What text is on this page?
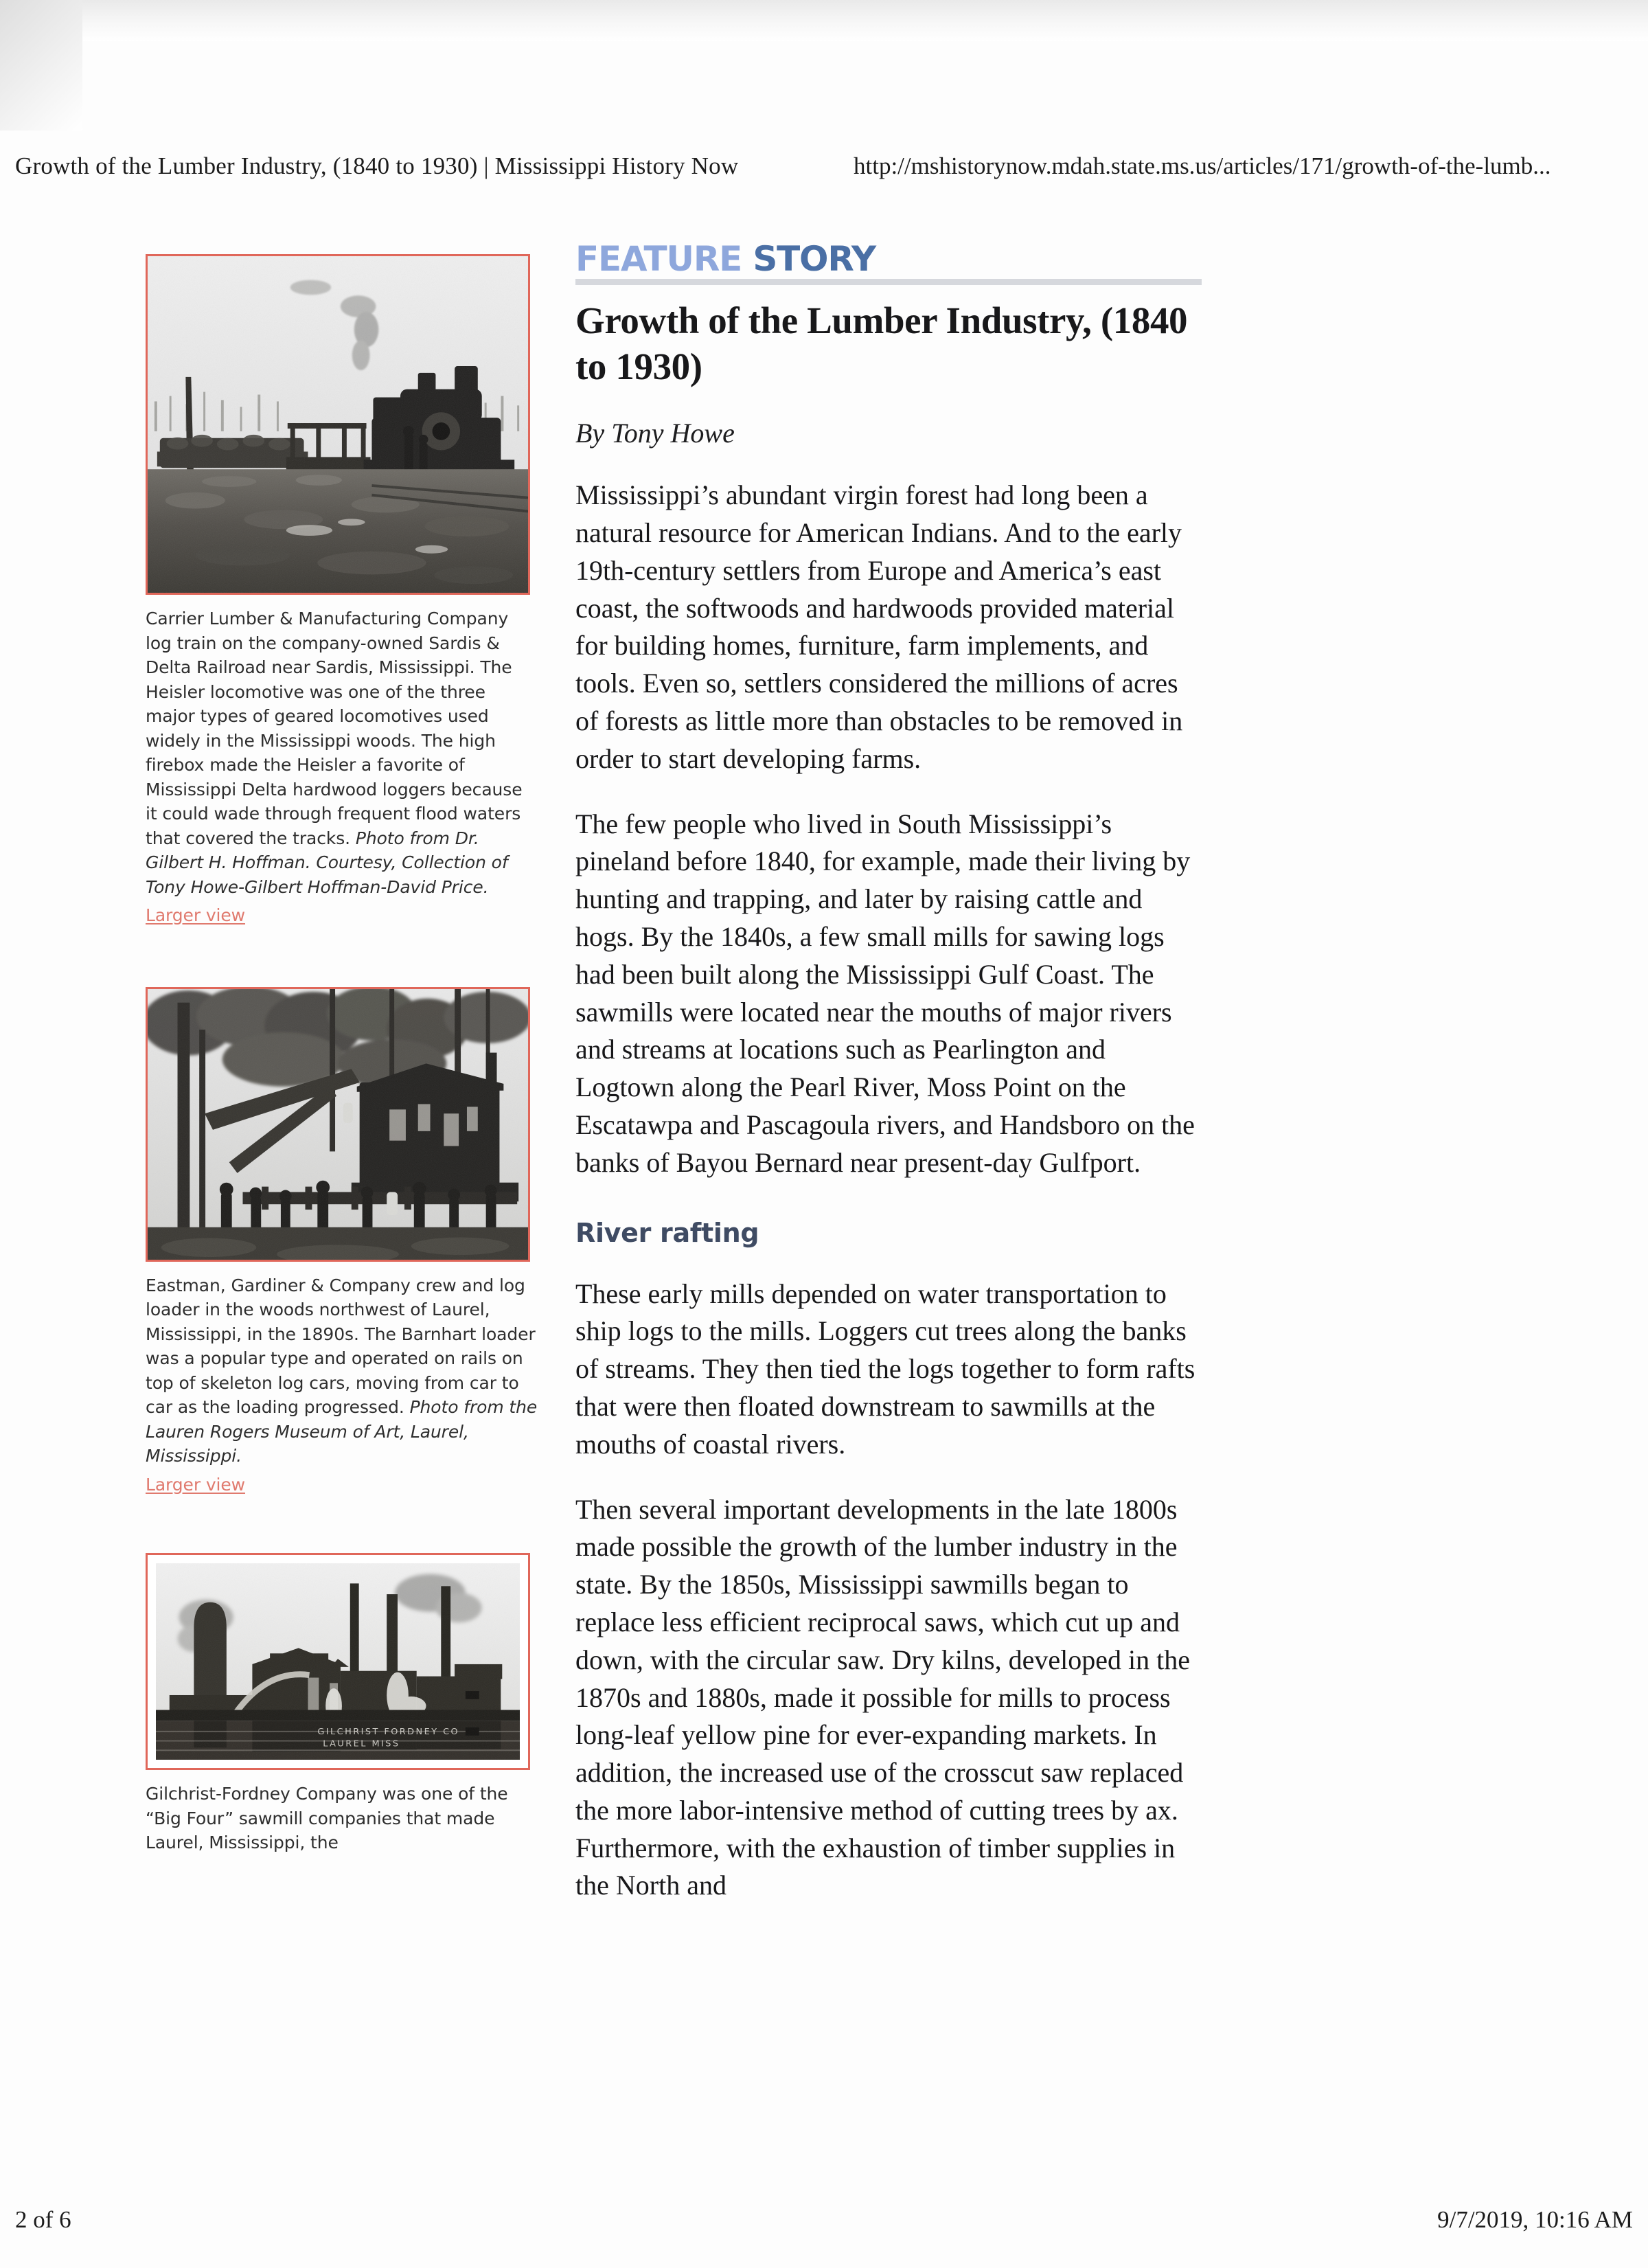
Growth of the Lumber Industry, (1840 to 1930) | Mississippi History Now	http://mshistorynow.mdah.state.ms.us/articles/171/growth-of-the-lumb...
Carrier Lumber & Manufacturing Company log train on the company-owned Sardis & Delta Railroad near Sardis, Mississippi. The Heisler locomotive was one of the three major types of geared locomotives used widely in the Mississippi woods. The high firebox made the Heisler a favorite of Mississippi Delta hardwood loggers because it could wade through frequent flood waters that covered the tracks. Photo from Dr. Gilbert H. Hoffman. Courtesy, Collection of Tony Howe-Gilbert Hoffman-David Price.
Larger view
Eastman, Gardiner & Company crew and log loader in the woods northwest of Laurel, Mississippi, in the 1890s. The Barnhart loader was a popular type and operated on rails on top of skeleton log cars, moving from car to car as the loading progressed. Photo from the Lauren Rogers Museum of Art, Laurel, Mississippi.
Larger view
GILCHRIST FORDNEY CO
LAUREL MISS
Gilchrist-Fordney Company was one of the “Big Four” sawmill companies that made Laurel, Mississippi, the
FEATURE STORY
Growth of the Lumber Industry, (1840 to 1930)
By Tony Howe

Mississippi’s abundant virgin forest had long been a natural resource for American Indians. And to the early 19th-century settlers from Europe and America’s east coast, the softwoods and hardwoods provided material for building homes, furniture, farm implements, and tools. Even so, settlers considered the millions of acres of forests as little more than obstacles to be removed in order to start developing farms.

The few people who lived in South Mississippi’s pineland before 1840, for example, made their living by hunting and trapping, and later by raising cattle and hogs. By the 1840s, a few small mills for sawing logs had been built along the Mississippi Gulf Coast. The sawmills were located near the mouths of major rivers and streams at locations such as Pearlington and Logtown along the Pearl River, Moss Point on the Escatawpa and Pascagoula rivers, and Handsboro on the banks of Bayou Bernard near present-day Gulfport.

River rafting

These early mills depended on water transportation to ship logs to the mills. Loggers cut trees along the banks of streams. They then tied the logs together to form rafts that were then floated downstream to sawmills at the mouths of coastal rivers.

Then several important developments in the late 1800s made possible the growth of the lumber industry in the state. By the 1850s, Mississippi sawmills began to replace less efficient reciprocal saws, which cut up and down, with the circular saw. Dry kilns, developed in the 1870s and 1880s, made it possible for mills to process long-leaf yellow pine for ever-expanding markets. In addition, the increased use of the crosscut saw replaced the more labor-intensive method of cutting trees by ax. Furthermore, with the exhaustion of timber supplies in the North and

2 of 6	9/7/2019, 10:16 AM
